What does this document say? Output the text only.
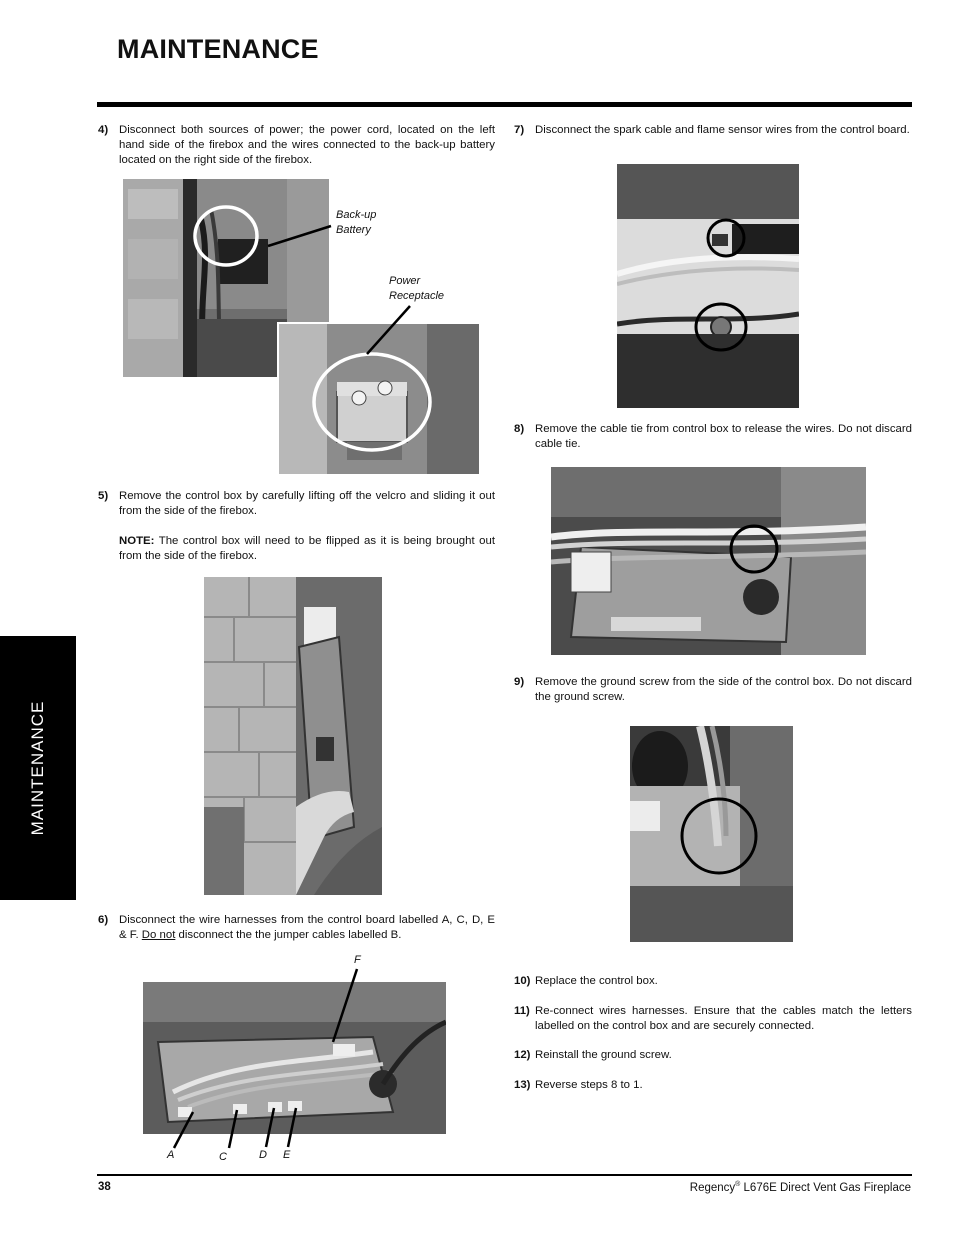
MAINTENANCE
MAINTENANCE
4) Disconnect both sources of power; the power cord, located on the left hand side of the firebox and the wires connected to the back-up battery located on the right side of the firebox.

Back-up
Battery
Power
Receptacle
5) Remove the control box by carefully lifting off the velcro and sliding it out from the side of the firebox.

NOTE: The control box will need to be flipped as it is being brought out from the side of the firebox.

6) Disconnect the wire harnesses from the control board labelled A, C, D, E & F. Do not disconnect the the jumper cables labelled B.

F
A	C	D E
7) Disconnect the spark cable and flame sensor wires from the control board.

8) Remove the cable tie from control box to release the wires. Do not discard cable tie.

9) Remove the ground screw from the side of the control box. Do not discard the ground screw.

10) Replace the control box.

11) Re-connect wires harnesses. Ensure that the cables match the letters labelled on the control box and are securely connected.

12) Reinstall the ground screw.

13) Reverse steps 8 to 1.

38	Regency® L676E Direct Vent Gas Fireplace
